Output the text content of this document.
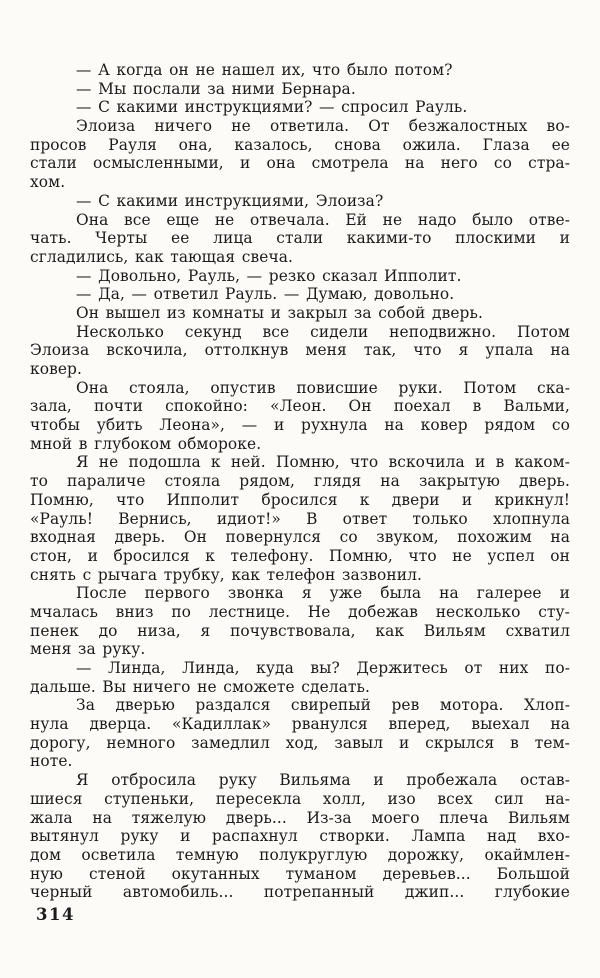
— А когда он не нашел их, что было потом?
— Мы послали за ними Бернара.
— С какими инструкциями? — спросил Рауль.
Элоиза ничего не ответила. От безжалостных во-
просов Рауля она, казалось, снова ожила. Глаза ее
стали осмысленными, и она смотрела на него со стра-
хом.
— С какими инструкциями, Элоиза?
Она все еще не отвечала. Ей не надо было отве-
чать. Черты ее лица стали какими-то плоскими и
сгладились, как тающая свеча.
— Довольно, Рауль, — резко сказал Ипполит.
— Да, — ответил Рауль. — Думаю, довольно.
Он вышел из комнаты и закрыл за собой дверь.
Несколько секунд все сидели неподвижно. Потом
Элоиза вскочила, оттолкнув меня так, что я упала на
ковер.
Она стояла, опустив повисшие руки. Потом ска-
зала, почти спокойно: «Леон. Он поехал в Вальми,
чтобы убить Леона», — и рухнула на ковер рядом со
мной в глубоком обмороке.
Я не подошла к ней. Помню, что вскочила и в каком-
то параличе стояла рядом, глядя на закрытую дверь.
Помню, что Ипполит бросился к двери и крикнул!
«Рауль! Вернись, идиот!» В ответ только хлопнула
входная дверь. Он повернулся со звуком, похожим на
стон, и бросился к телефону. Помню, что не успел он
снять с рычага трубку, как телефон зазвонил.
После первого звонка я уже была на галерее и
мчалась вниз по лестнице. Не добежав несколько сту-
пенек до низа, я почувствовала, как Вильям схватил
меня за руку.
— Линда, Линда, куда вы? Держитесь от них по-
дальше. Вы ничего не сможете сделать.
За дверью раздался свирепый рев мотора. Хлоп-
нула дверца. «Кадиллак» рванулся вперед, выехал на
дорогу, немного замедлил ход, завыл и скрылся в тем-
ноте.
Я отбросила руку Вильяма и пробежала остав-
шиеся ступеньки, пересекла холл, изо всех сил на-
жала на тяжелую дверь... Из-за моего плеча Вильям
вытянул руку и распахнул створки. Лампа над вхо-
дом осветила темную полукруглую дорожку, окаймлен-
ную стеной окутанных туманом деревьев... Большой
черный автомобиль... потрепанный джип... глубокие
314
